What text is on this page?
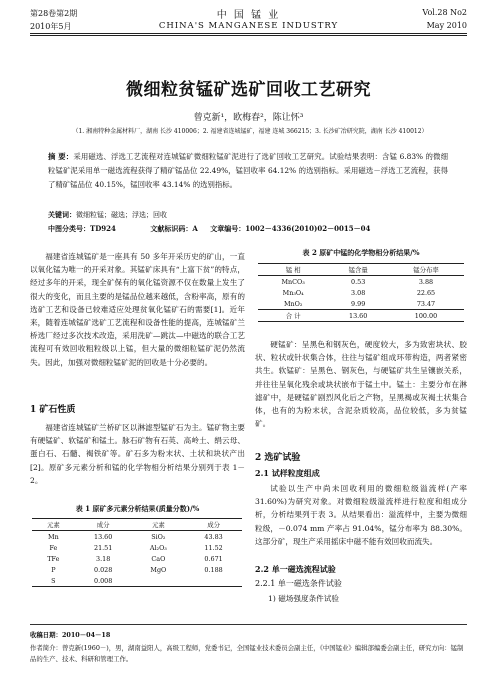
第28卷第2期
2010年5月
中 国 锰 业
CHINA'S MANGANESE INDUSTRY
Vol.28 No2
May 2010
微细粒贫锰矿选矿回收工艺研究
曾克新¹，欧梅春²，陈让怀³
（1. 湘南特种金属材料厂，湖南 长沙 410006；2. 福建省连城锰矿，福建 连城 366215；3. 长沙矿冶研究院，湖南 长沙 410012）
摘 要：采用磁选、浮选工艺流程对连城锰矿微细粒锰矿泥进行了选矿回收工艺研究。试验结果表明：含锰 6.83% 的微细粒锰矿泥采用单一磁选流程获得了精矿锰品位 22.49%，锰回收率 64.12% 的选别指标。采用磁选－浮选工艺流程，获得了精矿锰品位 40.15%，锰回收率 43.14% 的选别指标。
关键词：微细粒锰；磁选；浮选；回收
中图分类号：TD924	文献标识码：A 文章编号：1002－4336(2010)02－0015－04

福建省连城锰矿是一座具有 50 多年开采历史的矿山，一直以氧化锰为唯一的开采对象。其锰矿床具有“上富下贫”的特点，经过多年的开采，现全矿保有的氧化锰资源不仅在数量上发生了很大的变化，而且主要的是锰品位越来越低，含粉率高，原有的选矿工艺和设备已较难适应处理贫氧化锰矿石的需要[1]。近年来，随着连城锰矿选矿工艺流程和设备性能的提高，连城锰矿兰桥选厂经过多次技术改造，采用洗矿—跳汰—中磁选的联合工艺流程可有效回收粗粒级以上锰，但大量的微细粒锰矿泥仍然流失。因此，加强对微细粒锰矿泥的回收是十分必要的。

1 矿石性质

福建省连城锰矿兰桥矿区以淋滤型锰矿石为主。锰矿物主要有硬锰矿、软锰矿和锰土。脉石矿物有石英、高岭土、绢云母、蛋白石、石髓、褐铁矿等。矿石多为粉末状、土状和块状产出[2]。原矿多元素分析和锰的化学物相分析结果分别列于表 1－2。

表 1 原矿多元素分析结果(质量分数)/%
元素	成分	元素	成分
Mn	13.60	SiO₂	43.83
Fe	21.51	Al₂O₃	11.52
TFe	3.18	CaO	0.671
P	0.028	MgO	0.188
S	0.008		
表 2 原矿中锰的化学物相分析结果/%
锰 相	锰含量	锰分布率
MnCO₃	0.53	3.88
Mn₃O₄	3.08	22.65
MnO₂	9.99	73.47
合 计	13.60	100.00

硬锰矿：呈黑色和钢灰色，硬度较大，多为致密块状、胶状、粒状或针状集合体，往往与锰矿组成环带构造，两者紧密共生。软锰矿：呈黑色、钢灰色，与硬锰矿共生呈镶嵌关系，并往往呈氧化残余或块状嵌布于锰土中。锰土：主要分布在淋滤矿中，是硬锰矿剧烈风化后之产物，呈黑褐或灰褐土状集合体，也有的为粉末状，含泥杂质较高，品位较低，多为贫锰矿。

2 选矿试验
2.1 试样粒度组成

试验以生产中尚未回收利用的微细粒级溢流样(产率 31.60%)为研究对象。对微细粒级溢流样进行粒度和组成分析，分析结果列于表 3。从结果看出：溢流样中，主要为微细粒级，－0.074 mm 产率占 91.04%，锰分布率为 88.30%。这部分矿，现生产采用摇床中磁不能有效回收而流失。

2.2 单一磁选流程试验
2.2.1 单一磁选条件试验
1) 磁场强度条件试验
收稿日期：2010－04－18
作者简介：曾克新(1960－)，男，湖南益阳人，高级工程师，党委书记，全国锰业技术委员会副主任，《中国锰业》编辑部编委会副主任，研究方向：锰制品的生产、技术、科研和管理工作。
